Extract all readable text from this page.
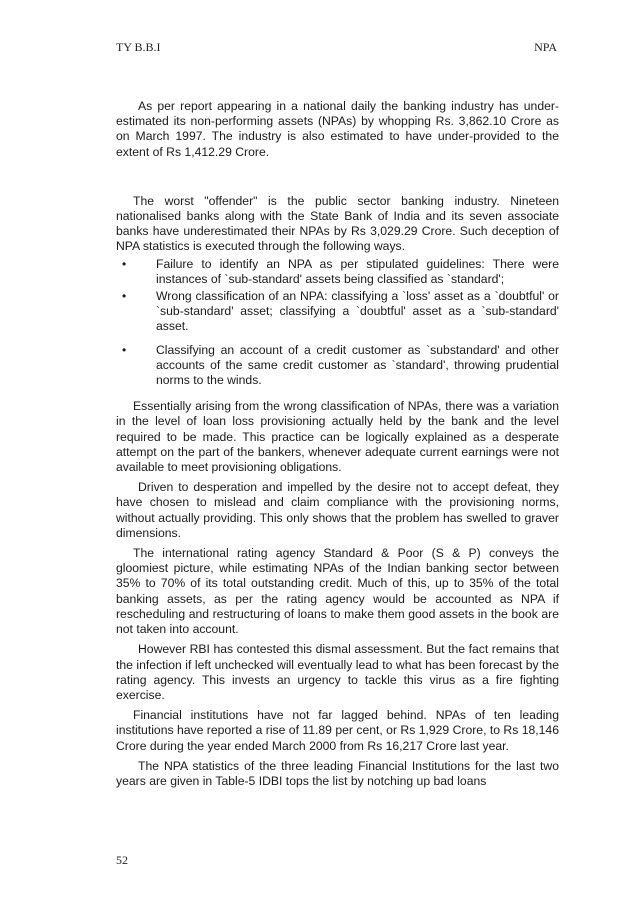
TY B.B.I	NPA

As per report appearing in a national daily the banking industry has under-estimated its non-performing assets (NPAs) by whopping Rs. 3,862.10 Crore as on March 1997. The industry is also estimated to have under-provided to the extent of Rs 1,412.29 Crore.

The worst "offender" is the public sector banking industry. Nineteen nationalised banks along with the State Bank of India and its seven associate banks have underestimated their NPAs by Rs 3,029.29 Crore. Such deception of NPA statistics is executed through the following ways.

• Failure to identify an NPA as per stipulated guidelines: There were instances of `sub-standard' assets being classified as `standard';
• Wrong classification of an NPA: classifying a `loss' asset as a `doubtful' or `sub-standard' asset; classifying a `doubtful' asset as a `sub-standard' asset.
• Classifying an account of a credit customer as `substandard' and other accounts of the same credit customer as `standard', throwing prudential norms to the winds.

Essentially arising from the wrong classification of NPAs, there was a variation in the level of loan loss provisioning actually held by the bank and the level required to be made. This practice can be logically explained as a desperate attempt on the part of the bankers, whenever adequate current earnings were not available to meet provisioning obligations.

Driven to desperation and impelled by the desire not to accept defeat, they have chosen to mislead and claim compliance with the provisioning norms, without actually providing. This only shows that the problem has swelled to graver dimensions.

The international rating agency Standard & Poor (S & P) conveys the gloomiest picture, while estimating NPAs of the Indian banking sector between 35% to 70% of its total outstanding credit. Much of this, up to 35% of the total banking assets, as per the rating agency would be accounted as NPA if rescheduling and restructuring of loans to make them good assets in the book are not taken into account.

However RBI has contested this dismal assessment. But the fact remains that the infection if left unchecked will eventually lead to what has been forecast by the rating agency. This invests an urgency to tackle this virus as a fire fighting exercise.

Financial institutions have not far lagged behind. NPAs of ten leading institutions have reported a rise of 11.89 per cent, or Rs 1,929 Crore, to Rs 18,146 Crore during the year ended March 2000 from Rs 16,217 Crore last year.

The NPA statistics of the three leading Financial Institutions for the last two years are given in Table-5 IDBI tops the list by notching up bad loans

52
